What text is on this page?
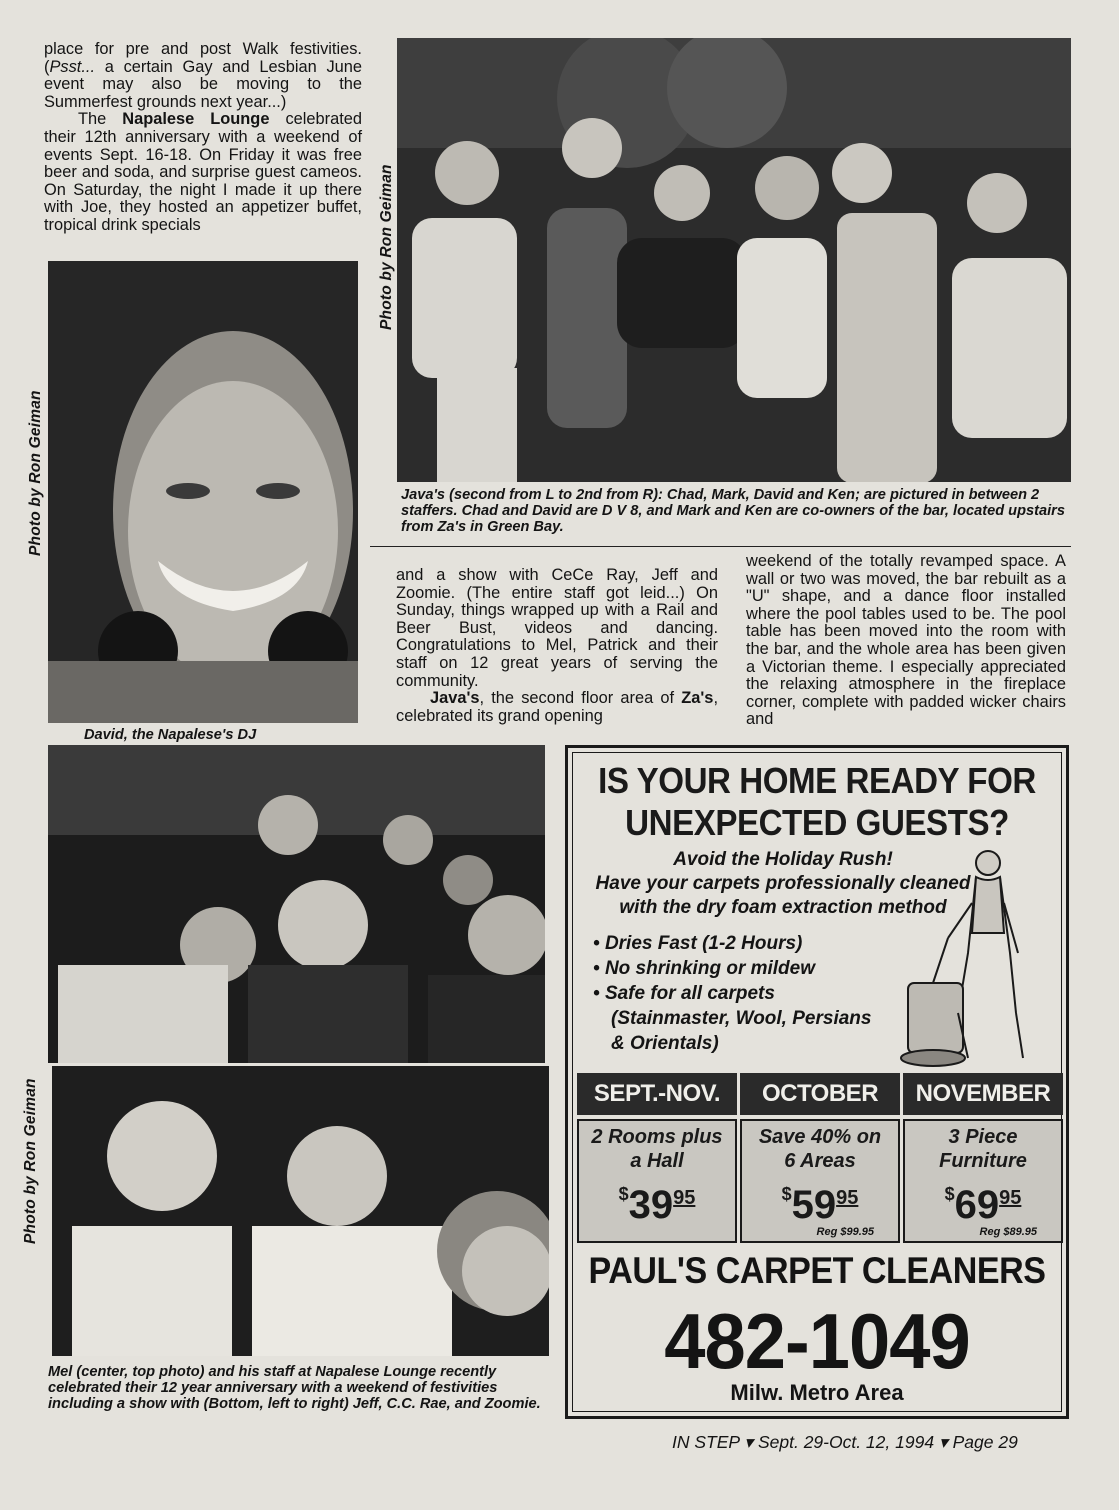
place for pre and post Walk festivities. (Psst... a certain Gay and Lesbian June event may also be moving to the Summerfest grounds next year...)

The Napalese Lounge celebrated their 12th anniversary with a weekend of events Sept. 16-18. On Friday it was free beer and soda, and surprise guest cameos. On Saturday, the night I made it up there with Joe, they hosted an appetizer buffet, tropical drink specials	Photo by Ron Geiman
Java's (second from L to 2nd from R): Chad, Mark, David and Ken; are pictured in between 2 staffers. Chad and David are D V 8, and Mark and Ken are co-owners of the bar, located upstairs from Za's in Green Bay.
Photo by Ron Geiman
David, the Napalese's DJ

and a show with CeCe Ray, Jeff and Zoomie. (The entire staff got leid...) On Sunday, things wrapped up with a Rail and Beer Bust, videos and dancing. Congratulations to Mel, Patrick and their staff on 12 great years of serving the community.

Java's, the second floor area of Za's, celebrated its grand opening

weekend of the totally revamped space. A wall or two was moved, the bar rebuilt as a "U" shape, and a dance floor installed where the pool tables used to be. The pool table has been moved into the room with the bar, and the whole area has been given a Victorian theme. I especially appreciated the relaxing atmosphere in the fireplace corner, complete with padded wicker chairs and

Photo by Ron Geiman
Mel (center, top photo) and his staff at Napalese Lounge recently celebrated their 12 year anniversary with a weekend of festivities including a show with (Bottom, left to right) Jeff, C.C. Rae, and Zoomie.
IS YOUR HOME READY FOR
UNEXPECTED GUESTS?
Avoid the Holiday Rush!
Have your carpets professionally cleaned
with the dry foam extraction method
• Dries Fast (1-2 Hours)
• No shrinking or mildew
• Safe for all carpets
(Stainmaster, Wool, Persians
& Orientals)
SEPT.-NOV.
2 Rooms plus
a Hall
$^{\$}39^{95}$
OCTOBER
Save 40% on
6 Areas
$^{\$}59^{95}$
Reg $99.95
NOVEMBER
3 Piece
Furniture
$^{\$}69^{95}$
Reg $89.95
PAUL'S CARPET CLEANERS
482-1049
Milw. Metro Area
IN STEP ▾ Sept. 29-Oct. 12, 1994 ▾ Page 29
